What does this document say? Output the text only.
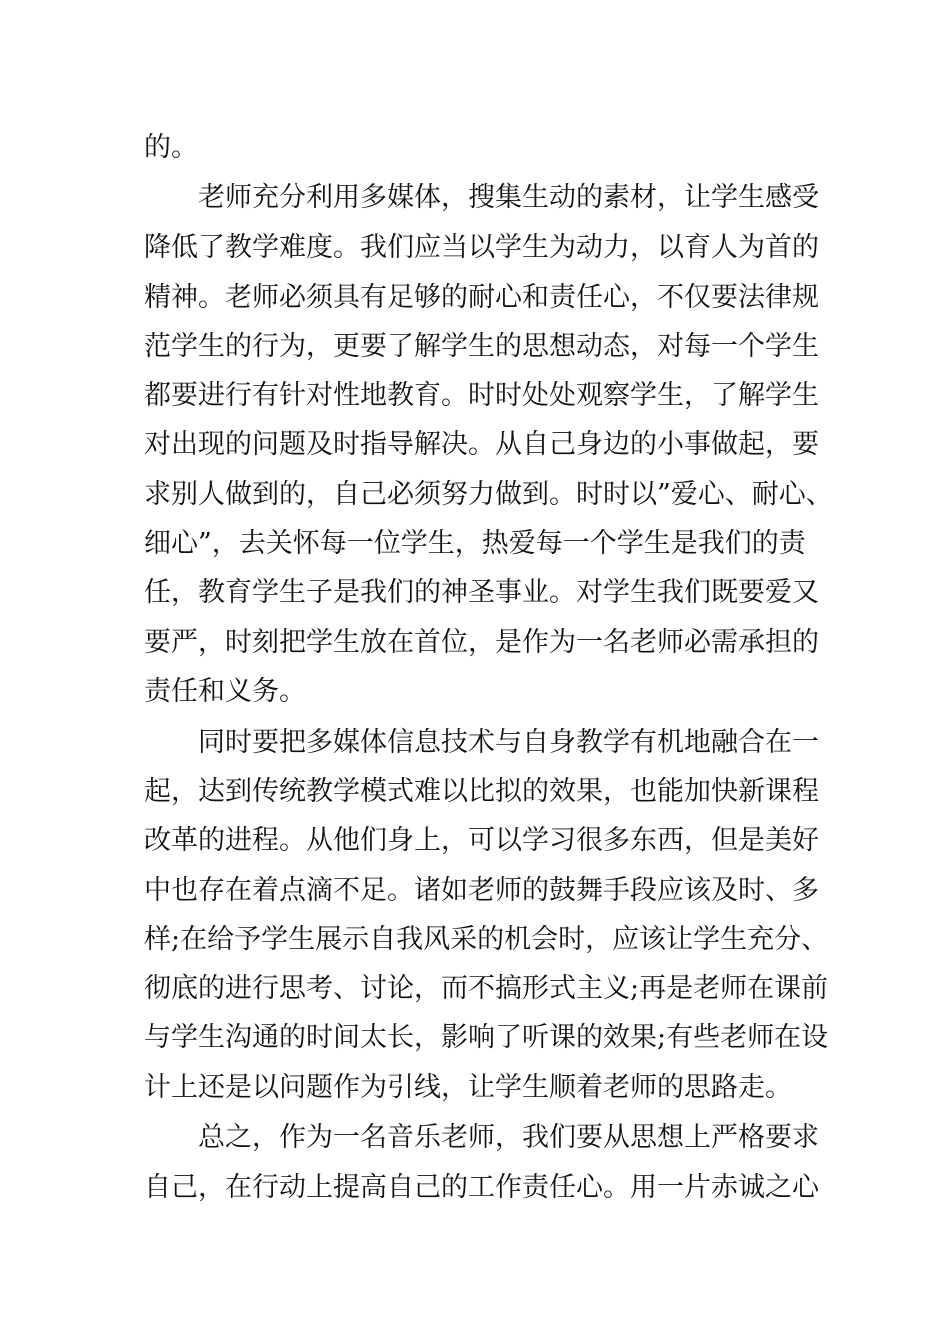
的。
老师充分利用多媒体，搜集生动的素材，让学生感受
降低了教学难度。我们应当以学生为动力，以育人为首的
精神。老师必须具有足够的耐心和责任心，不仅要法律规
范学生的行为，更要了解学生的思想动态，对每一个学生
都要进行有针对性地教育。时时处处观察学生，了解学生
对出现的问题及时指导解决。从自己身边的小事做起，要
求别人做到的，自己必须努力做到。时时以”爱心、耐心、
细心”，去关怀每一位学生，热爱每一个学生是我们的责
任，教育学生子是我们的神圣事业。对学生我们既要爱又
要严，时刻把学生放在首位，是作为一名老师必需承担的
责任和义务。
同时要把多媒体信息技术与自身教学有机地融合在一
起，达到传统教学模式难以比拟的效果，也能加快新课程
改革的进程。从他们身上，可以学习很多东西，但是美好
中也存在着点滴不足。诸如老师的鼓舞手段应该及时、多
样;在给予学生展示自我风采的机会时，应该让学生充分、
彻底的进行思考、讨论，而不搞形式主义;再是老师在课前
与学生沟通的时间太长，影响了听课的效果;有些老师在设
计上还是以问题作为引线，让学生顺着老师的思路走。
总之，作为一名音乐老师，我们要从思想上严格要求
自己，在行动上提高自己的工作责任心。用一片赤诚之心
